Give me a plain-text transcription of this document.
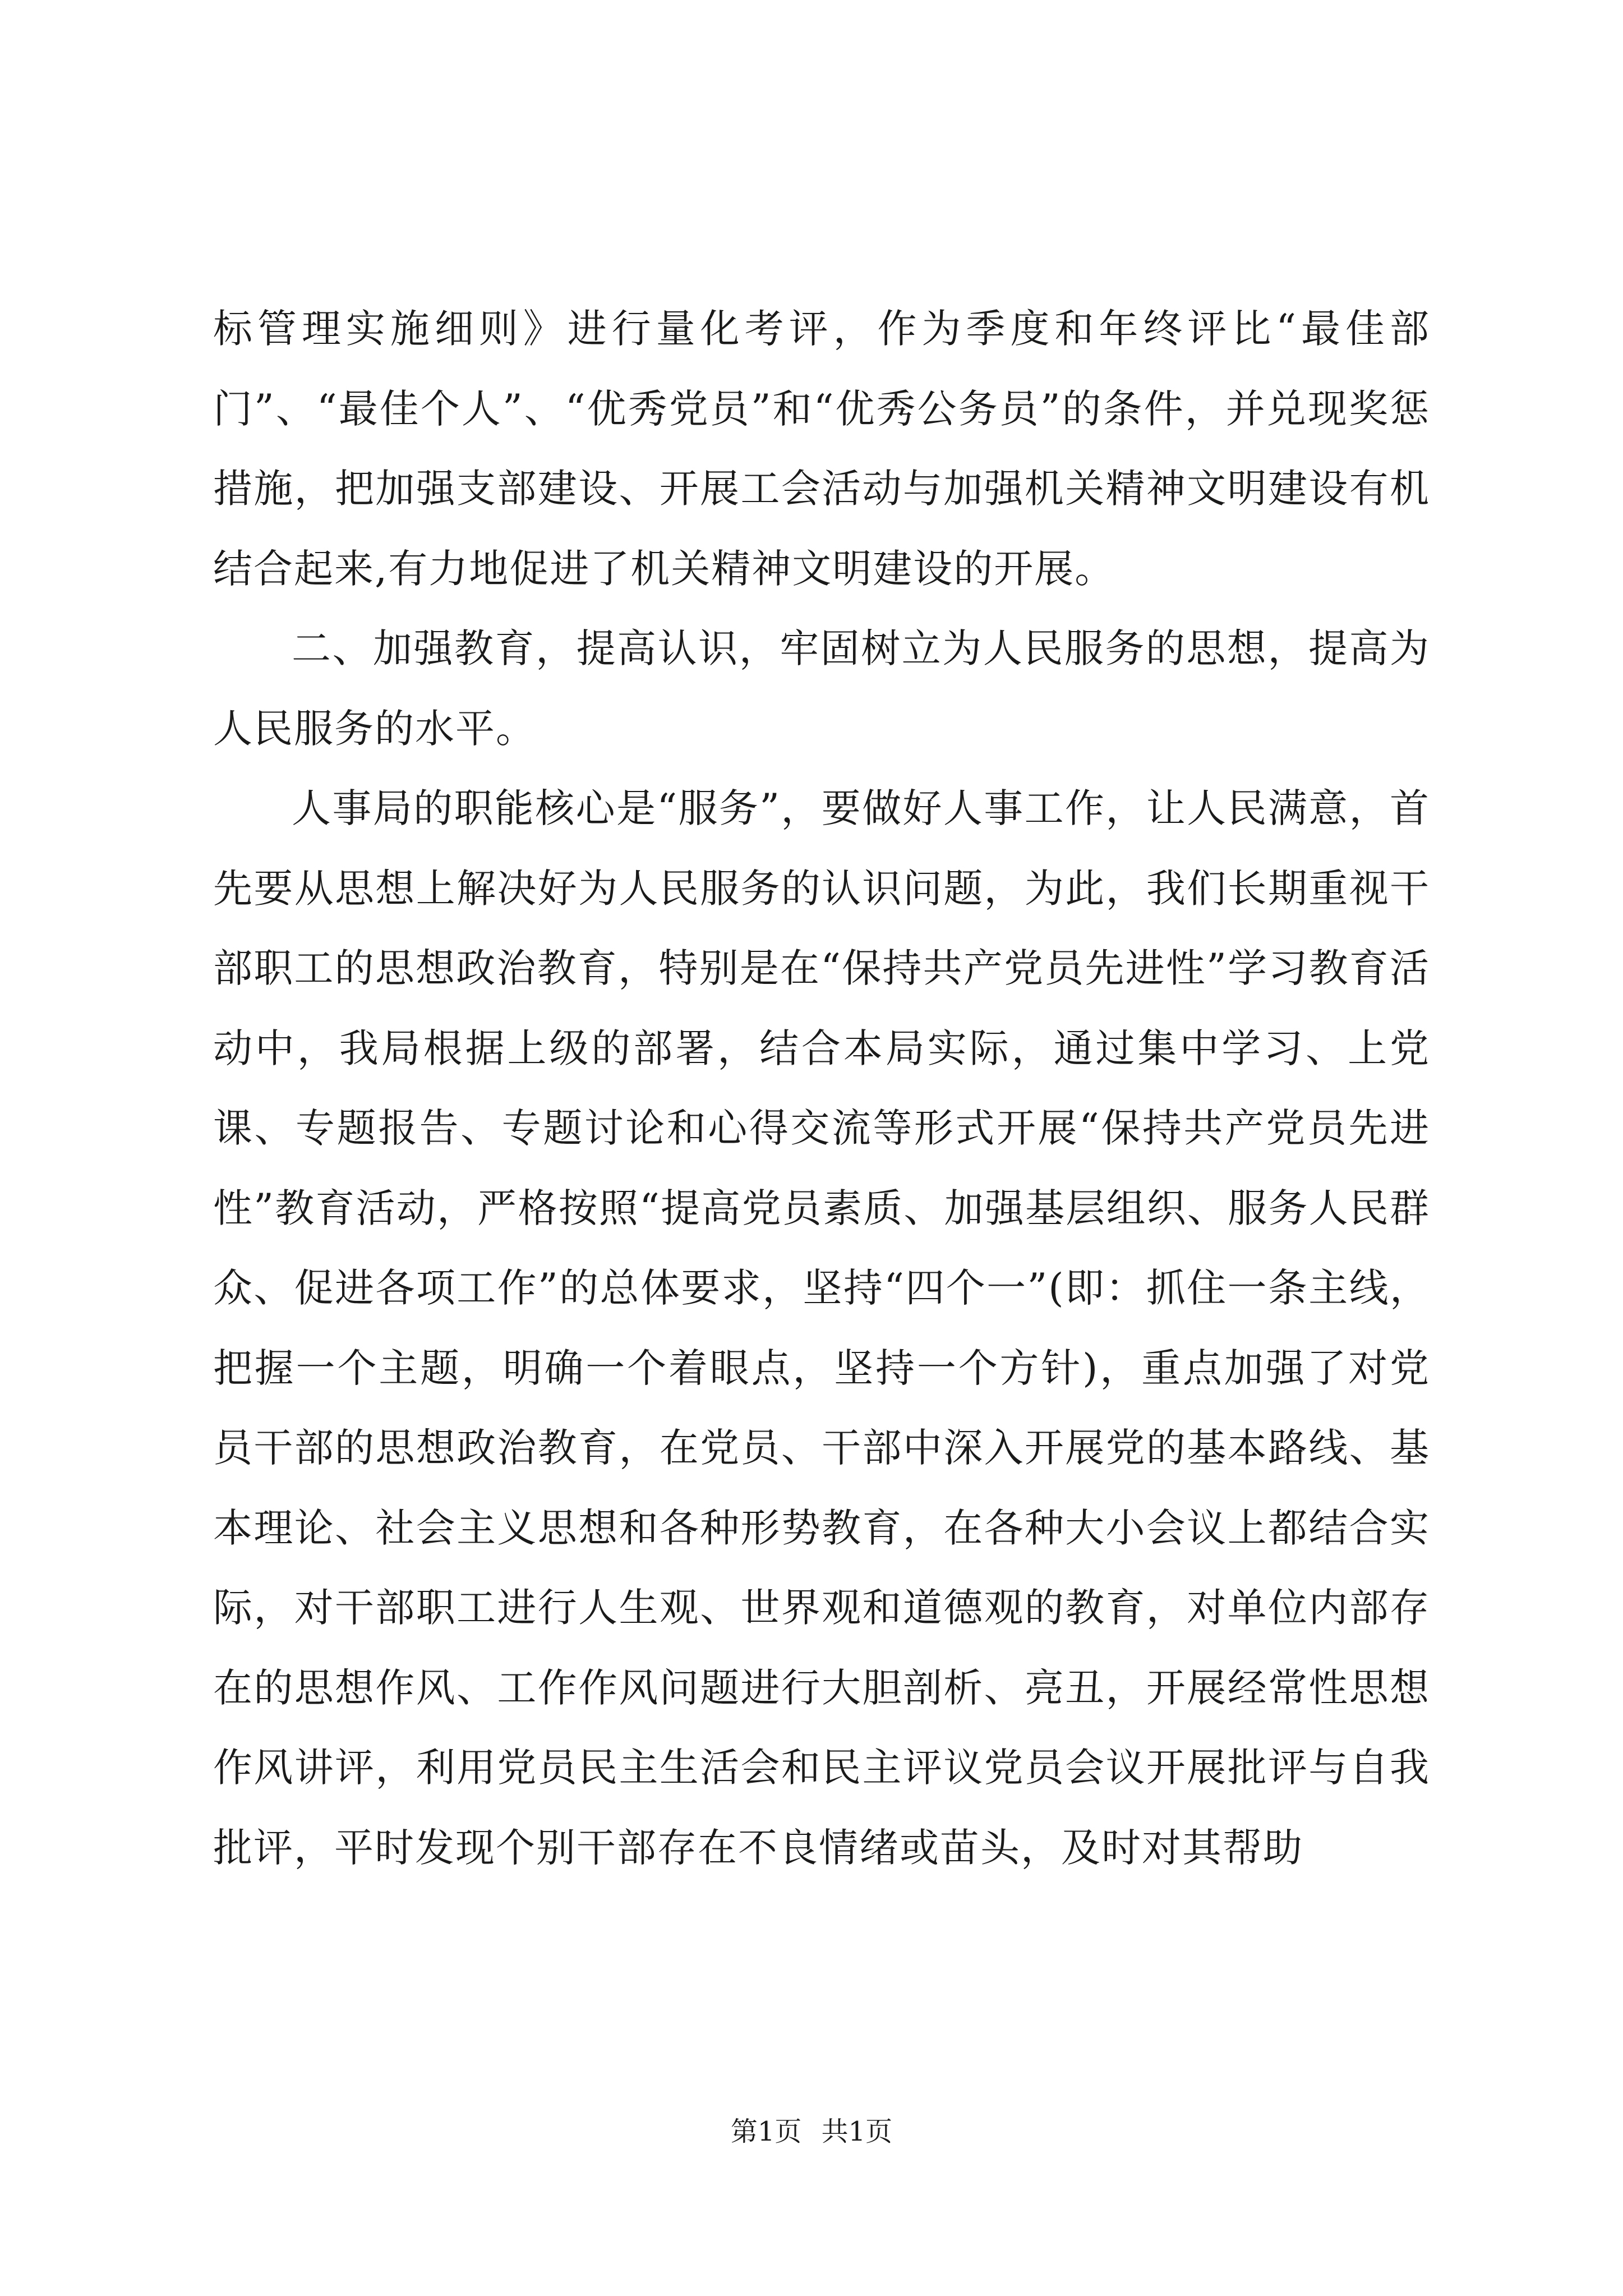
标管理实施细则》进行量化考评，作为季度和年终评比“最佳部门”、“最佳个人”、“优秀党员”和“优秀公务员”的条件，并兑现奖惩措施，把加强支部建设、开展工会活动与加强机关精神文明建设有机结合起来,有力地促进了机关精神文明建设的开展。

二、加强教育，提高认识，牢固树立为人民服务的思想，提高为人民服务的水平。

人事局的职能核心是“服务”，要做好人事工作，让人民满意，首先要从思想上解决好为人民服务的认识问题，为此，我们长期重视干部职工的思想政治教育，特别是在“保持共产党员先进性”学习教育活动中，我局根据上级的部署，结合本局实际，通过集中学习、上党课、专题报告、专题讨论和心得交流等形式开展“保持共产党员先进性”教育活动，严格按照“提高党员素质、加强基层组织、服务人民群众、促进各项工作”的总体要求，坚持“四个一”(即：抓住一条主线，把握一个主题，明确一个着眼点，坚持一个方针)，重点加强了对党员干部的思想政治教育，在党员、干部中深入开展党的基本路线、基本理论、社会主义思想和各种形势教育，在各种大小会议上都结合实际，对干部职工进行人生观、世界观和道德观的教育，对单位内部存在的思想作风、工作作风问题进行大胆剖析、亮丑，开展经常性思想作风讲评，利用党员民主生活会和民主评议党员会议开展批评与自我批评，平时发现个别干部存在不良情绪或苗头，及时对其帮助

第1页 共1页
